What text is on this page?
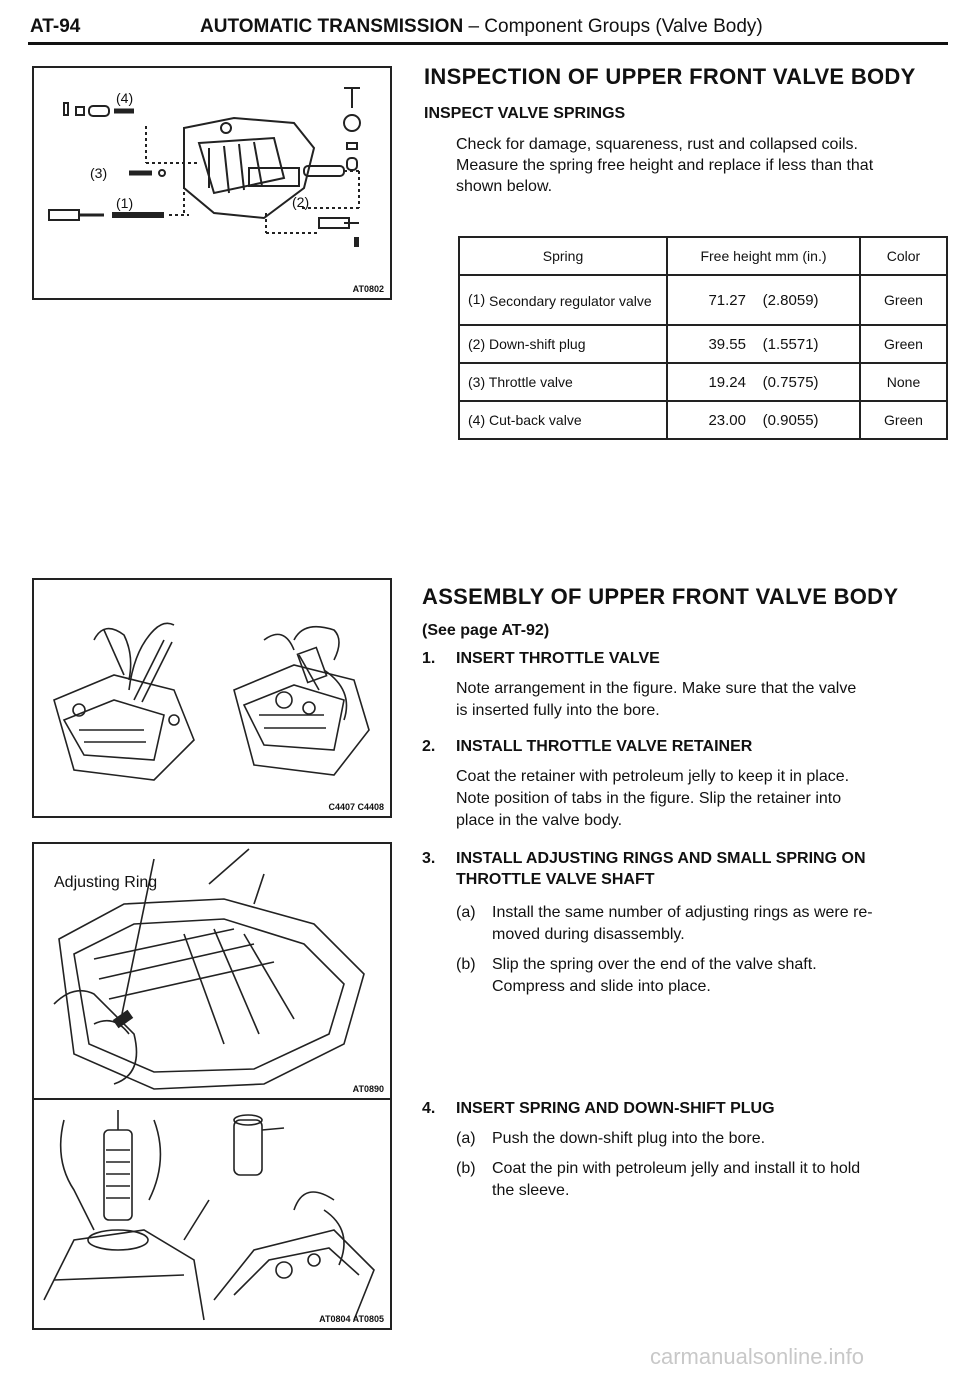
AT-94	AUTOMATIC TRANSMISSION – Component Groups (Valve Body)
(4)
(3)
(1)	(2)
AT0802
C4407 C4408
Adjusting Ring
AT0890
AT0804 AT0805
INSPECTION OF UPPER FRONT VALVE BODY
INSPECT VALVE SPRINGS
Check for damage, squareness, rust and collapsed coils.
Measure the spring free height and replace if less than that
shown below.
Spring	Free height mm (in.)	Color
(1) Secondary regulator valve	71.27 (2.8059)	Green
(2) Down-shift plug	39.55 (1.5571)	Green
(3) Throttle valve	19.24 (0.7575)	None
(4) Cut-back valve	23.00 (0.9055)	Green
ASSEMBLY OF UPPER FRONT VALVE BODY
(See page AT-92)
1. INSERT THROTTLE VALVE
Note arrangement in the figure. Make sure that the valve
is inserted fully into the bore.
2. INSTALL THROTTLE VALVE RETAINER
Coat the retainer with petroleum jelly to keep it in place.
Note position of tabs in the figure. Slip the retainer into
place in the valve body.
3. INSTALL ADJUSTING RINGS AND SMALL SPRING ON
THROTTLE VALVE SHAFT
(a) Install the same number of adjusting rings as were re-
moved during disassembly.
(b) Slip the spring over the end of the valve shaft.
Compress and slide into place.
4. INSERT SPRING AND DOWN-SHIFT PLUG
(a) Push the down-shift plug into the bore.
(b) Coat the pin with petroleum jelly and install it to hold
the sleeve.
carmanualsonline.info
